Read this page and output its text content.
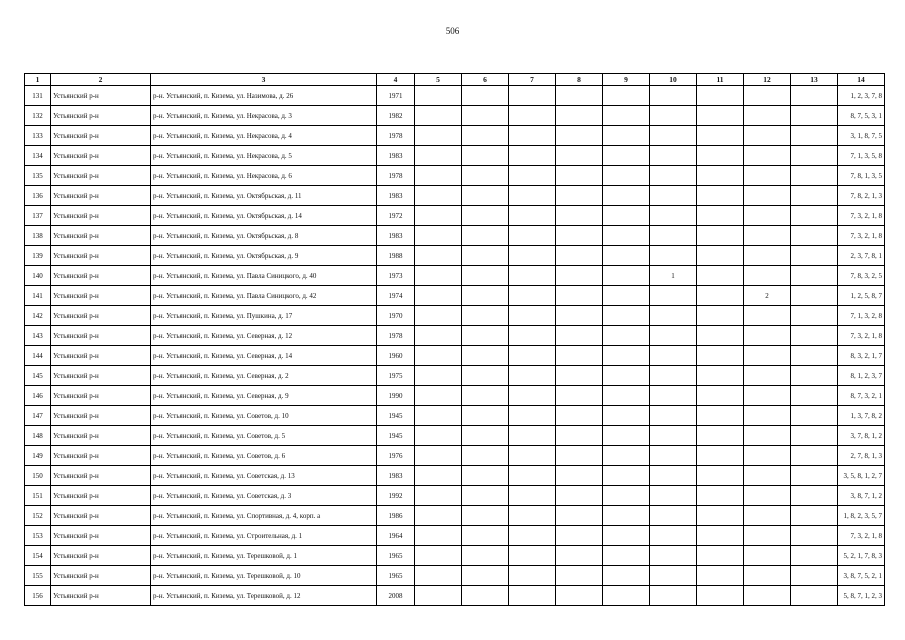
506
1	2	3	4	5	6	7	8	9	10	11	12	13	14
131	Устьянский р-н	р-н. Устьянский, п. Кизема, ул. Назимова, д. 26	1971										1, 2, 3, 7, 8
132	Устьянский р-н	р-н. Устьянский, п. Кизема, ул. Некрасова, д. 3	1982										8, 7, 5, 3, 1
133	Устьянский р-н	р-н. Устьянский, п. Кизема, ул. Некрасова, д. 4	1978										3, 1, 8, 7, 5
134	Устьянский р-н	р-н. Устьянский, п. Кизема, ул. Некрасова, д. 5	1983										7, 1, 3, 5, 8
135	Устьянский р-н	р-н. Устьянский, п. Кизема, ул. Некрасова, д. 6	1978										7, 8, 1, 3, 5
136	Устьянский р-н	р-н. Устьянский, п. Кизема, ул. Октябрьская, д. 11	1983										7, 8, 2, 1, 3
137	Устьянский р-н	р-н. Устьянский, п. Кизема, ул. Октябрьская, д. 14	1972										7, 3, 2, 1, 8
138	Устьянский р-н	р-н. Устьянский, п. Кизема, ул. Октябрьская, д. 8	1983										7, 3, 2, 1, 8
139	Устьянский р-н	р-н. Устьянский, п. Кизема, ул. Октябрьская, д. 9	1988										2, 3, 7, 8, 1
140	Устьянский р-н	р-н. Устьянский, п. Кизема, ул. Павла Синицкого, д. 40	1973						1				7, 8, 3, 2, 5
141	Устьянский р-н	р-н. Устьянский, п. Кизема, ул. Павла Синицкого, д. 42	1974								2		1, 2, 5, 8, 7
142	Устьянский р-н	р-н. Устьянский, п. Кизема, ул. Пушкина, д. 17	1970										7, 1, 3, 2, 8
143	Устьянский р-н	р-н. Устьянский, п. Кизема, ул. Северная, д. 12	1978										7, 3, 2, 1, 8
144	Устьянский р-н	р-н. Устьянский, п. Кизема, ул. Северная, д. 14	1960										8, 3, 2, 1, 7
145	Устьянский р-н	р-н. Устьянский, п. Кизема, ул. Северная, д. 2	1975										8, 1, 2, 3, 7
146	Устьянский р-н	р-н. Устьянский, п. Кизема, ул. Северная, д. 9	1990										8, 7, 3, 2, 1
147	Устьянский р-н	р-н. Устьянский, п. Кизема, ул. Советов, д. 10	1945										1, 3, 7, 8, 2
148	Устьянский р-н	р-н. Устьянский, п. Кизема, ул. Советов, д. 5	1945										3, 7, 8, 1, 2
149	Устьянский р-н	р-н. Устьянский, п. Кизема, ул. Советов, д. 6	1976										2, 7, 8, 1, 3
150	Устьянский р-н	р-н. Устьянский, п. Кизема, ул. Советская, д. 13	1983										3, 5, 8, 1, 2, 7
151	Устьянский р-н	р-н. Устьянский, п. Кизема, ул. Советская, д. 3	1992										3, 8, 7, 1, 2
152	Устьянский р-н	р-н. Устьянский, п. Кизема, ул. Спортивная, д. 4, корп. а	1986										1, 8, 2, 3, 5, 7
153	Устьянский р-н	р-н. Устьянский, п. Кизема, ул. Строительная, д. 1	1964										7, 3, 2, 1, 8
154	Устьянский р-н	р-н. Устьянский, п. Кизема, ул. Терешковой, д. 1	1965										5, 2, 1, 7, 8, 3
155	Устьянский р-н	р-н. Устьянский, п. Кизема, ул. Терешковой, д. 10	1965										3, 8, 7, 5, 2, 1
156	Устьянский р-н	р-н. Устьянский, п. Кизема, ул. Терешковой, д. 12	2008										5, 8, 7, 1, 2, 3
